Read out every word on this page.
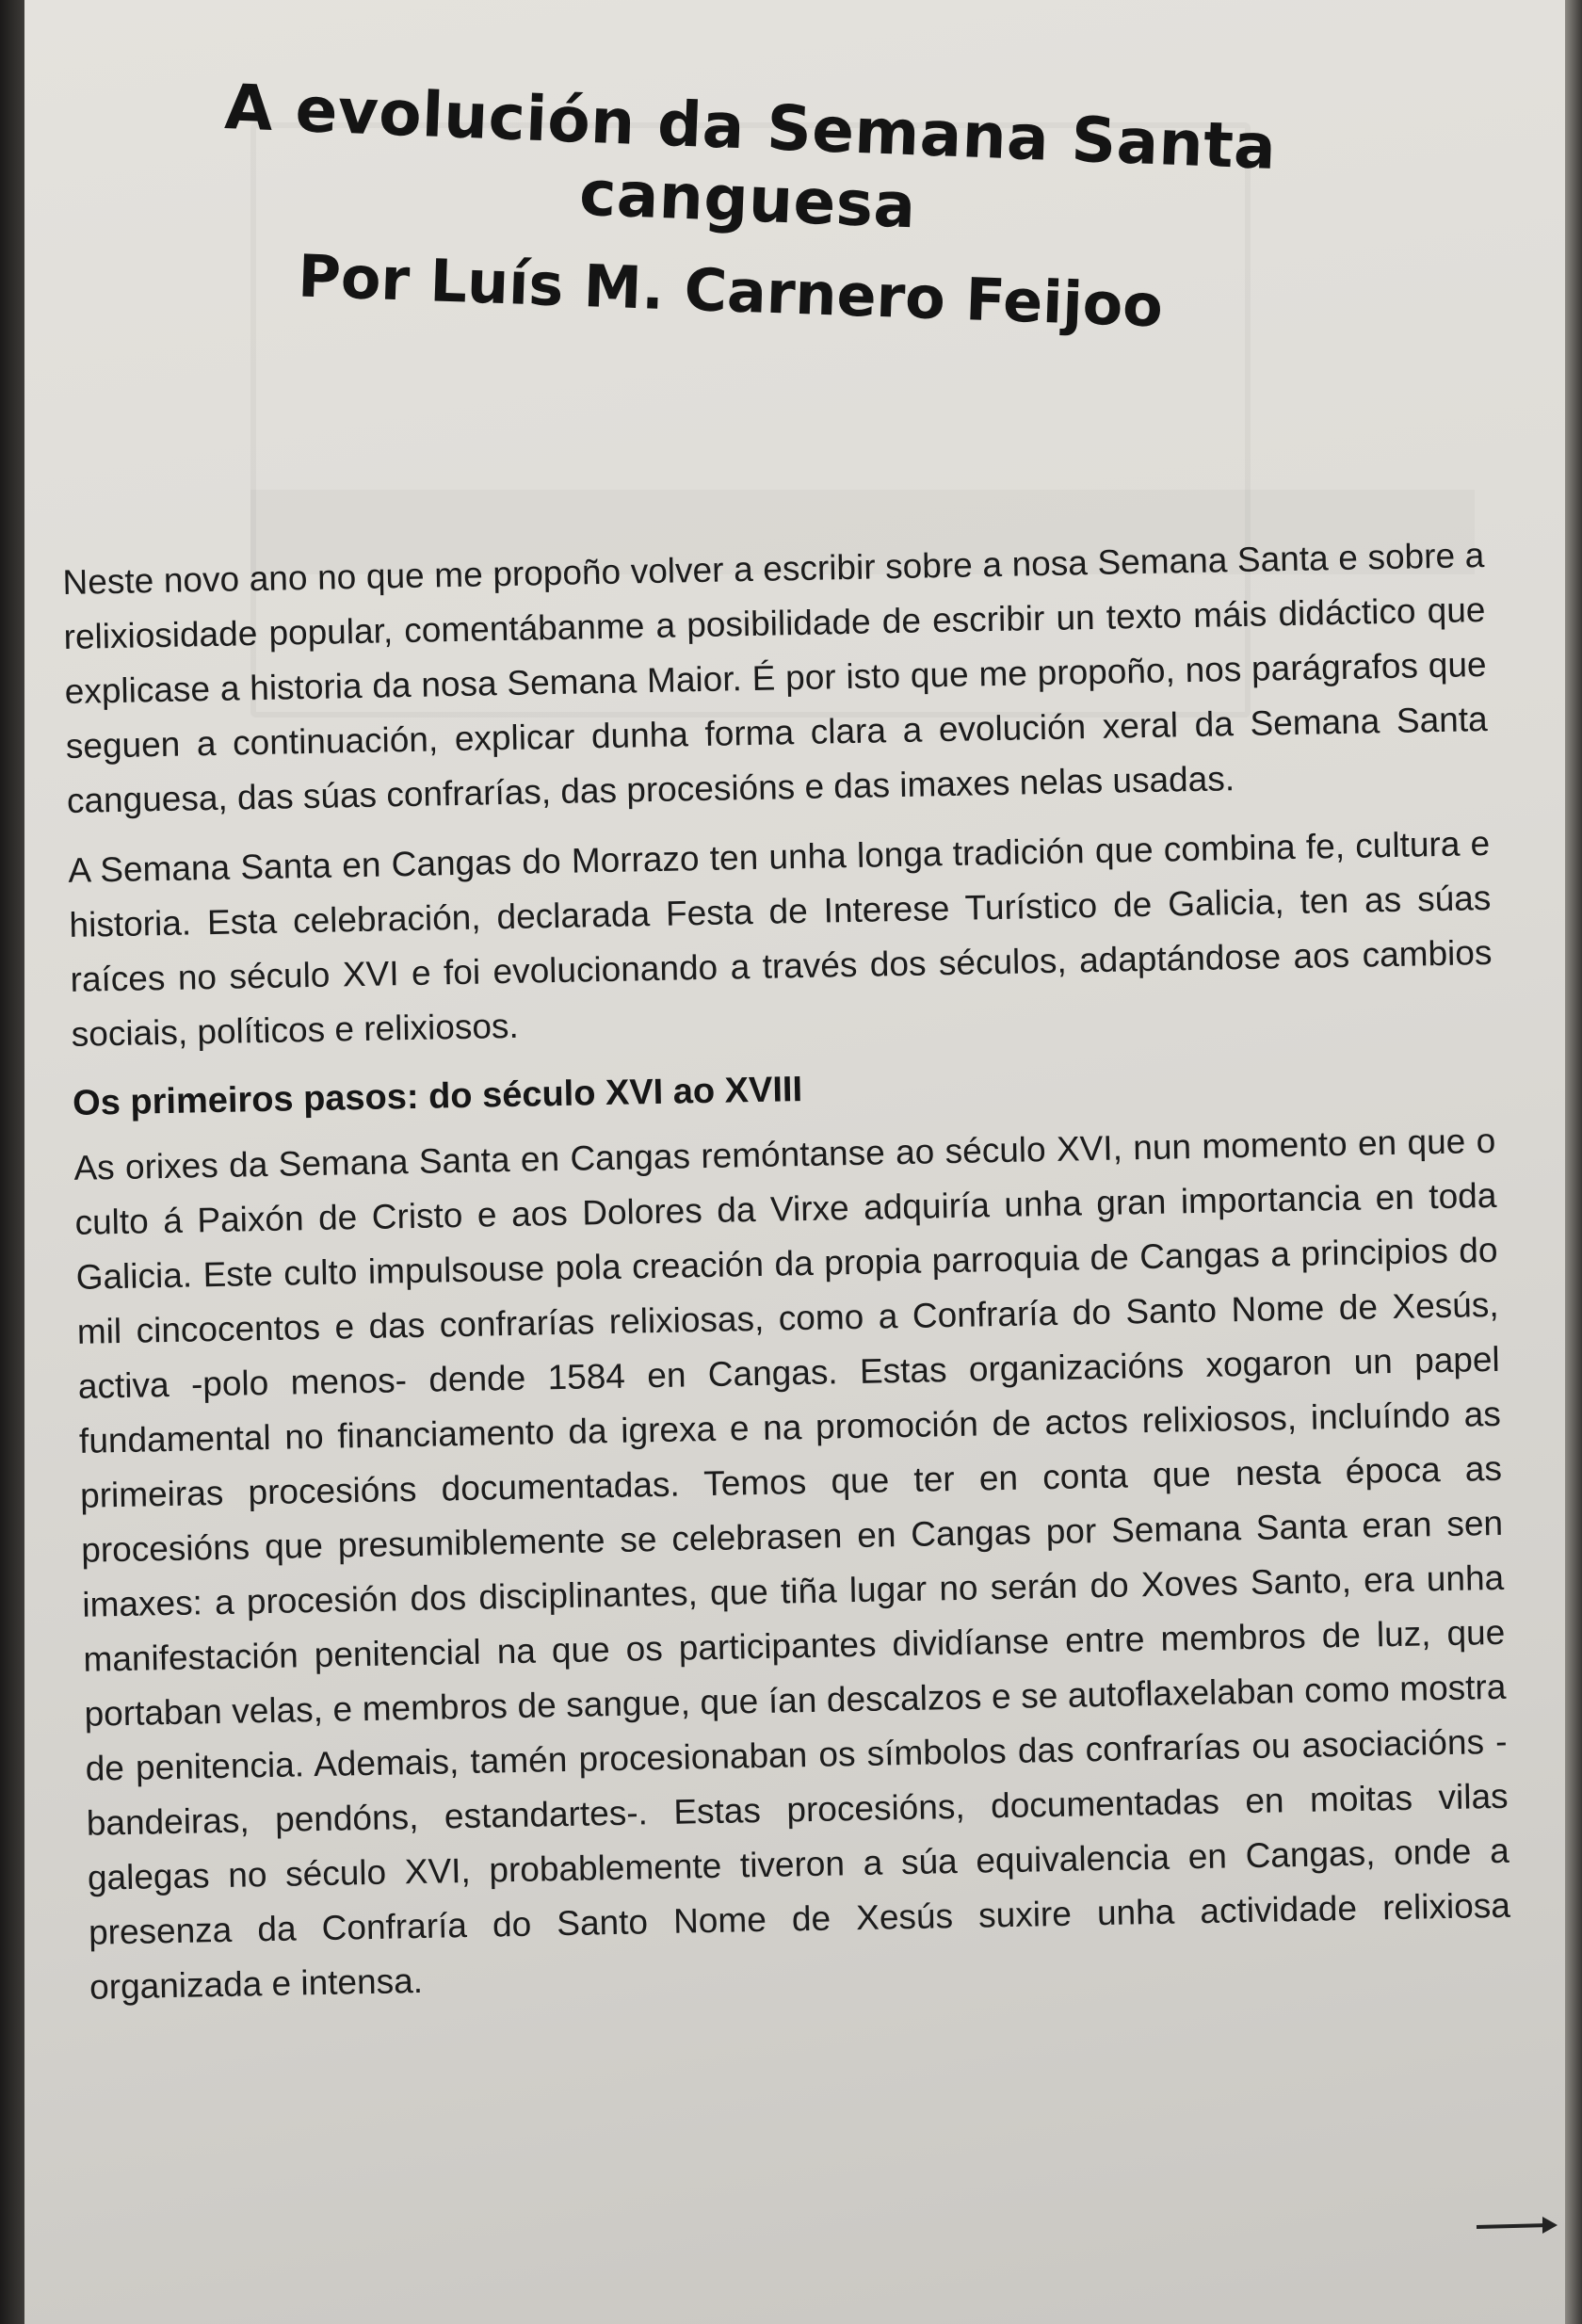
A evolución da Semana Santa canguesa
Por Luís M. Carnero Feijoo

Neste novo ano no que me propoño volver a escribir sobre a nosa Semana Santa e sobre a relixiosidade popular, comentábanme a posibilidade de escribir un texto máis didáctico que explicase a historia da nosa Semana Maior. É por isto que me propoño, nos parágrafos que seguen a continuación, explicar dunha forma clara a evolución xeral da Semana Santa canguesa, das súas confrarías, das procesións e das imaxes nelas usadas.

A Semana Santa en Cangas do Morrazo ten unha longa tradición que combina fe, cultura e historia. Esta celebración, declarada Festa de Interese Turístico de Galicia, ten as súas raíces no século XVI e foi evolucionando a través dos séculos, adaptándose aos cambios sociais, políticos e relixiosos.

Os primeiros pasos: do século XVI ao XVIII

As orixes da Semana Santa en Cangas remóntanse ao século XVI, nun momento en que o culto á Paixón de Cristo e aos Dolores da Virxe adquiría unha gran importancia en toda Galicia. Este culto impulsouse pola creación da propia parroquia de Cangas a principios do mil cincocentos e das confrarías relixiosas, como a Confraría do Santo Nome de Xesús, activa -polo menos- dende 1584 en Cangas. Estas organizacións xogaron un papel fundamental no financiamento da igrexa e na promoción de actos relixiosos, incluíndo as primeiras procesións documentadas. Temos que ter en conta que nesta época as procesións que presumiblemente se celebrasen en Cangas por Semana Santa eran sen imaxes: a procesión dos disciplinantes, que tiña lugar no serán do Xoves Santo, era unha manifestación penitencial na que os participantes dividíanse entre membros de luz, que portaban velas, e membros de sangue, que ían descalzos e se autoflaxelaban como mostra de penitencia. Ademais, tamén procesionaban os símbolos das confrarías ou asociacións -bandeiras, pendóns, estandartes-. Estas procesións, documentadas en moitas vilas galegas no século XVI, probablemente tiveron a súa equivalencia en Cangas, onde a presenza da Confraría do Santo Nome de Xesús suxire unha actividade relixiosa organizada e intensa.
